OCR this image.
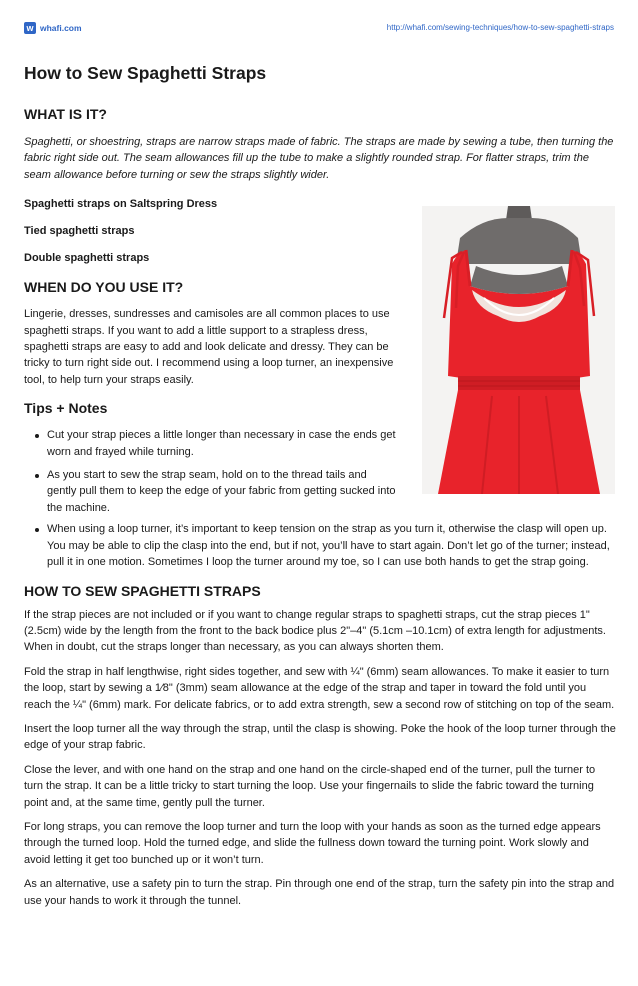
w whafi.com	http://whafi.com/sewing-techniques/how-to-sew-spaghetti-straps
How to Sew Spaghetti Straps
WHAT IS IT?

Spaghetti, or shoestring, straps are narrow straps made of fabric. The straps are made by sewing a tube, then turning the fabric right side out. The seam allowances fill up the tube to make a slightly rounded strap. For flatter straps, trim the seam allowance before turning or sew the straps slightly wider.

Spaghetti straps on Saltspring Dress

Tied spaghetti straps

Double spaghetti straps

WHEN DO YOU USE IT?

Lingerie, dresses, sundresses and camisoles are all common places to use spaghetti straps. If you want to add a little support to a strapless dress, spaghetti straps are easy to add and look delicate and dressy. They can be tricky to turn right side out. I recommend using a loop turner, an inexpensive tool, to help turn your straps easily.

Tips + Notes
Cut your strap pieces a little longer than necessary in case the ends get worn and frayed while turning.
As you start to sew the strap seam, hold on to the thread tails and gently pull them to keep the edge of your fabric from getting sucked into the machine.
When using a loop turner, it’s important to keep tension on the strap as you turn it, otherwise the clasp will open up. You may be able to clip the clasp into the end, but if not, you’ll have to start again. Don’t let go of the turner; instead, pull it in one motion. Sometimes I loop the turner around my toe, so I can use both hands to get the strap going.
HOW TO SEW SPAGHETTI STRAPS

If the strap pieces are not included or if you want to change regular straps to spaghetti straps, cut the strap pieces 1" (2.5cm) wide by the length from the front to the back bodice plus 2"–4" (5.1cm –10.1cm) of extra length for adjustments. When in doubt, cut the straps longer than necessary, as you can always shorten them.

Fold the strap in half lengthwise, right sides together, and sew with ¼" (6mm) seam allowances. To make it easier to turn the loop, start by sewing a 1⁄8" (3mm) seam allowance at the edge of the strap and taper in toward the fold until you reach the ¼" (6mm) mark. For delicate fabrics, or to add extra strength, sew a second row of stitching on top of the seam.

Insert the loop turner all the way through the strap, until the clasp is showing. Poke the hook of the loop turner through the edge of your strap fabric.

Close the lever, and with one hand on the strap and one hand on the circle-shaped end of the turner, pull the turner to turn the strap. It can be a little tricky to start turning the loop. Use your fingernails to slide the fabric toward the turning point and, at the same time, gently pull the turner.

For long straps, you can remove the loop turner and turn the loop with your hands as soon as the turned edge appears through the turned loop. Hold the turned edge, and slide the fullness down toward the turning point. Work slowly and avoid letting it get too bunched up or it won’t turn.

As an alternative, use a safety pin to turn the strap. Pin through one end of the strap, turn the safety pin into the strap and use your hands to work it through the tunnel.
